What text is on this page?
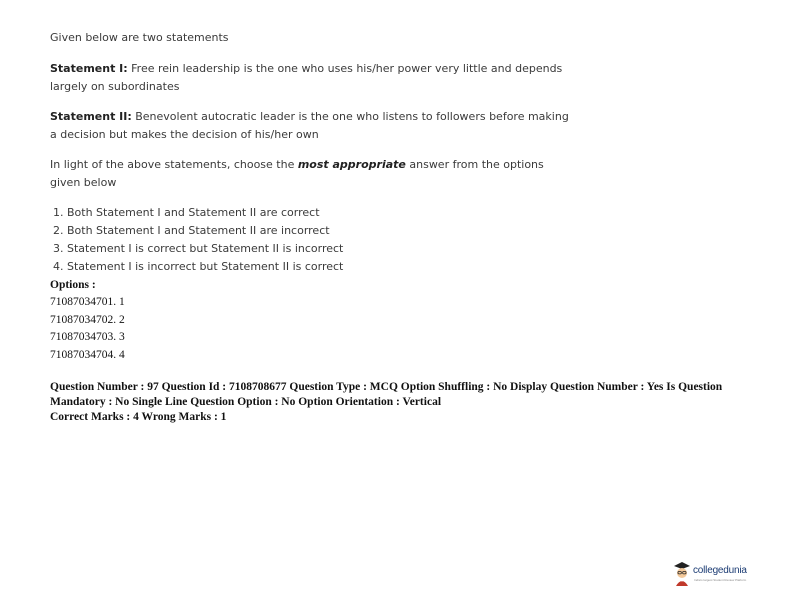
Given below are two statements
Statement I: Free rein leadership is the one who uses his/her power very little and depends largely on subordinates
Statement II: Benevolent autocratic leader is the one who listens to followers before making a decision but makes the decision of his/her own
In light of the above statements, choose the most appropriate answer from the options given below
1. Both Statement I and Statement II are correct
2. Both Statement I and Statement II are incorrect
3. Statement I is correct but Statement II is incorrect
4. Statement I is incorrect but Statement II is correct
Options :
71087034701. 1
71087034702. 2
71087034703. 3
71087034704. 4
Question Number : 97 Question Id : 7108708677 Question Type : MCQ Option Shuffling : No Display Question Number : Yes Is Question Mandatory : No Single Line Question Option : No Option Orientation : Vertical
Correct Marks : 4 Wrong Marks : 1
collegedunia
India's largest Student Review Platform
